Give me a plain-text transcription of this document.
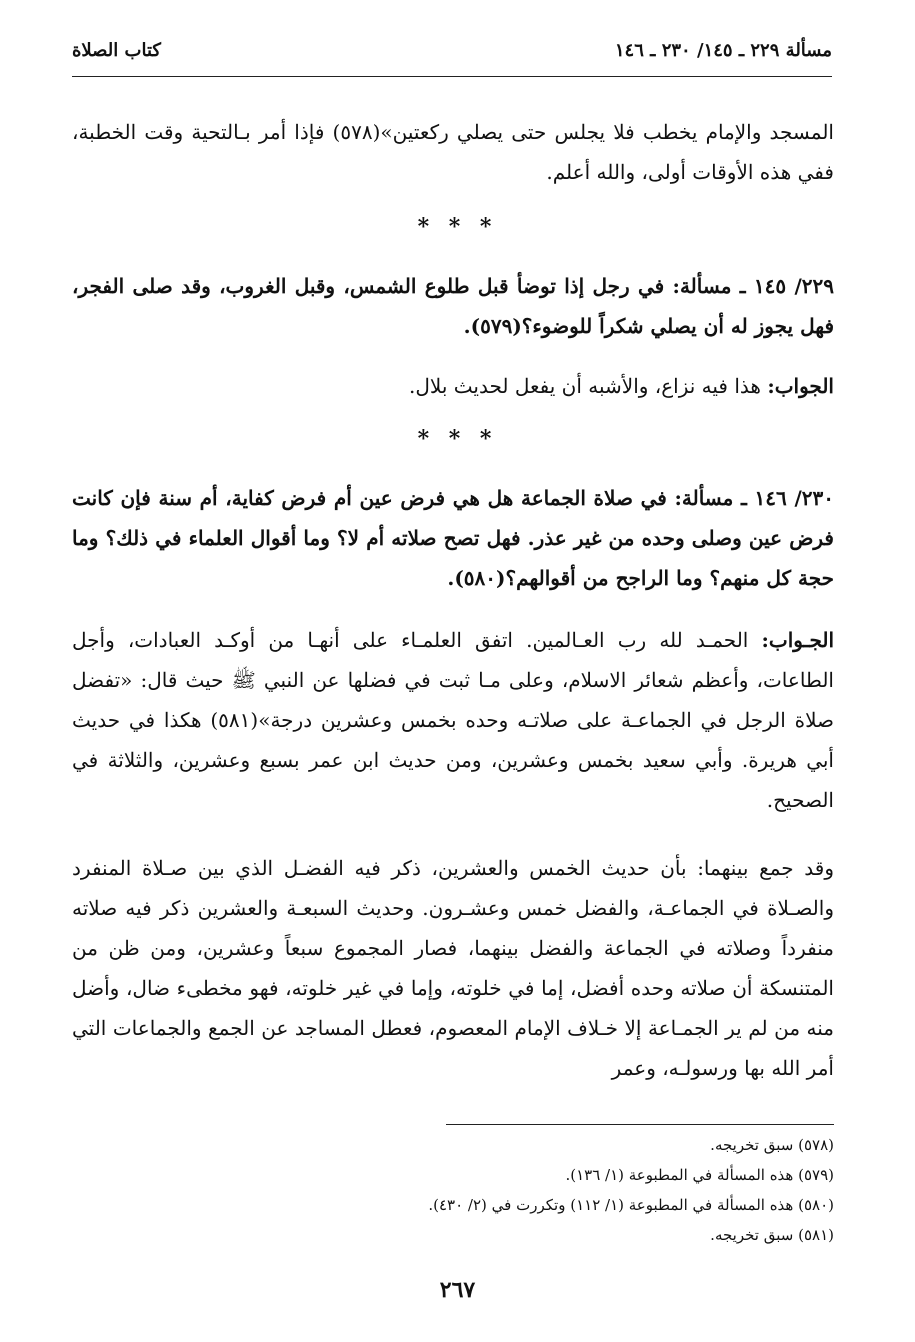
مسألة ٢٢٩ ـ ١٤٥/ ٢٣٠ ـ ١٤٦
كتاب الصلاة
المسجد والإمام يخطب فلا يجلس حتى يصلي ركعتين»(٥٧٨) فإذا أمر بـالتحية وقت الخطبة، ففي هذه الأوقات أولى، والله أعلم.
* * *
٢٢٩/ ١٤٥ ـ مسألة: في رجل إذا توضأ قبل طلوع الشمس، وقبل الغروب، وقد صلى الفجر، فهل يجوز له أن يصلي شكراً للوضوء؟(٥٧٩).
الجواب: هذا فيه نزاع، والأشبه أن يفعل لحديث بلال.
* * *
٢٣٠/ ١٤٦ ـ مسألة: في صلاة الجماعة هل هي فرض عين أم فرض كفاية، أم سنة فإن كانت فرض عين وصلى وحده من غير عذر. فهل تصح صلاته أم لا؟ وما أقوال العلماء في ذلك؟ وما حجة كل منهم؟ وما الراجح من أقوالهم؟(٥٨٠).
الجـواب: الحمـد لله رب العـالمين. اتفق العلمـاء على أنهـا من أوكـد العبادات، وأجل الطاعات، وأعظم شعائر الاسلام، وعلى مـا ثبت في فضلها عن النبي ﷺ حيث قال: «تفضل صلاة الرجل في الجماعـة على صلاتـه وحده بخمس وعشرين درجة»(٥٨١) هكذا في حديث أبي هريرة. وأبي سعيد بخمس وعشرين، ومن حديث ابن عمر بسبع وعشرين، والثلاثة في الصحيح.
وقد جمع بينهما: بأن حديث الخمس والعشرين، ذكر فيه الفضـل الذي بين صـلاة المنفرد والصـلاة في الجماعـة، والفضل خمس وعشـرون. وحديث السبعـة والعشرين ذكر فيه صلاته منفرداً وصلاته في الجماعة والفضل بينهما، فصار المجموع سبعاً وعشرين، ومن ظن من المتنسكة أن صلاته وحده أفضل، إما في خلوته، وإما في غير خلوته، فهو مخطىء ضال، وأضل منه من لم ير الجمـاعة إلا خـلاف الإمام المعصوم، فعطل المساجد عن الجمع والجماعات التي أمر الله بها ورسولـه، وعمر
(٥٧٨) سبق تخريجه.
(٥٧٩) هذه المسألة في المطبوعة (١/ ١٣٦).
(٥٨٠) هذه المسألة في المطبوعة (١/ ١١٢) وتكررت في (٢/ ٤٣٠).
(٥٨١) سبق تخريجه.
٢٦٧
